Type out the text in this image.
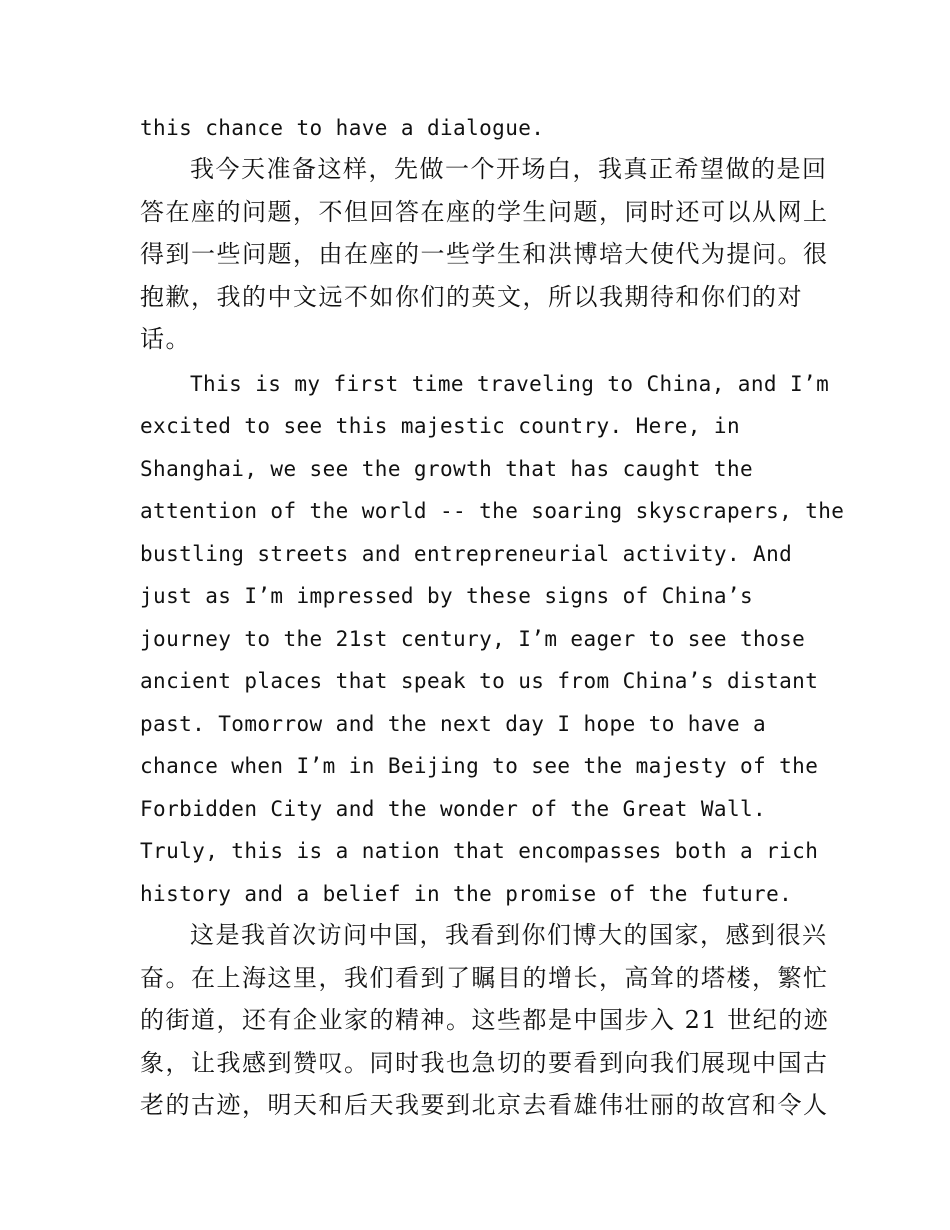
this chance to have a dialogue.
我今天准备这样，先做一个开场白，我真正希望做的是回
答在座的问题，不但回答在座的学生问题，同时还可以从网上
得到一些问题，由在座的一些学生和洪博培大使代为提问。很
抱歉，我的中文远不如你们的英文，所以我期待和你们的对
话。
This is my first time traveling to China, and I’m
excited to see this majestic country. Here, in
Shanghai, we see the growth that has caught the
attention of the world -- the soaring skyscrapers, the
bustling streets and entrepreneurial activity. And
just as I’m impressed by these signs of China’s
journey to the 21st century, I’m eager to see those
ancient places that speak to us from China’s distant
past. Tomorrow and the next day I hope to have a
chance when I’m in Beijing to see the majesty of the
Forbidden City and the wonder of the Great Wall.
Truly, this is a nation that encompasses both a rich
history and a belief in the promise of the future.
这是我首次访问中国，我看到你们博大的国家，感到很兴
奋。在上海这里，我们看到了瞩目的增长，高耸的塔楼，繁忙
的街道，还有企业家的精神。这些都是中国步入 21 世纪的迹
象，让我感到赞叹。同时我也急切的要看到向我们展现中国古
老的古迹，明天和后天我要到北京去看雄伟壮丽的故宫和令人
